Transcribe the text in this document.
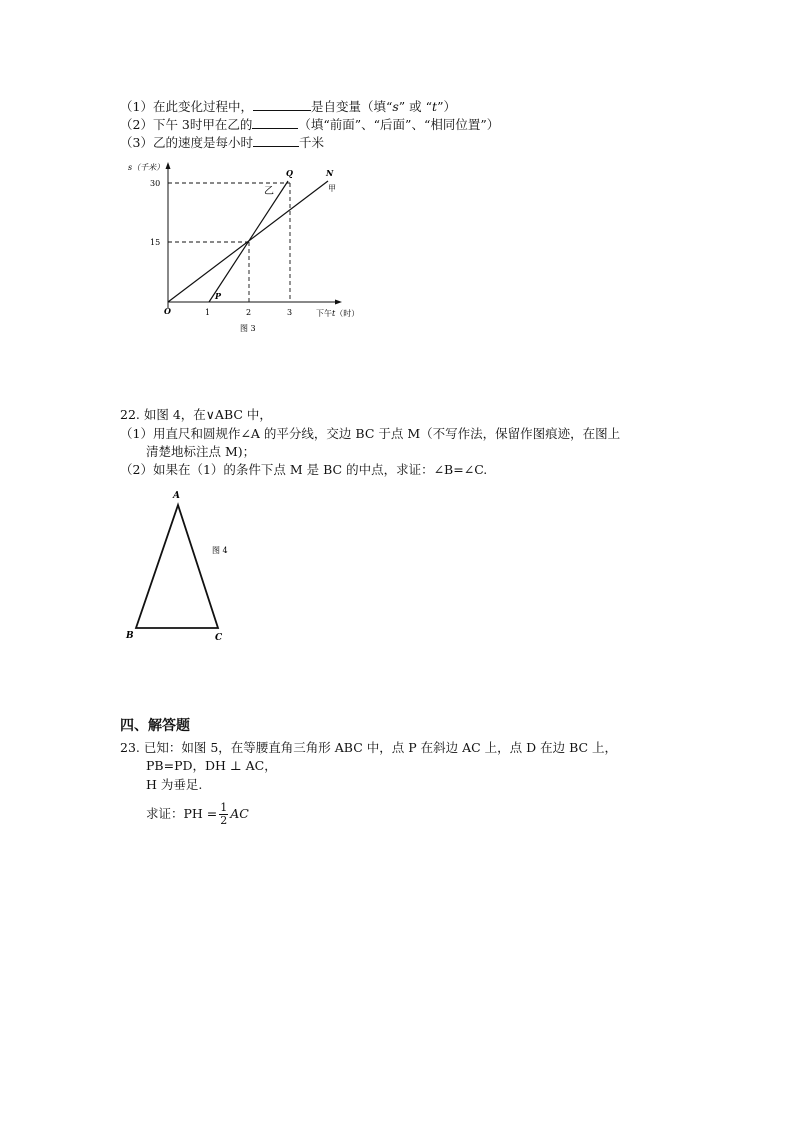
（1）在此变化过程中，	是自变量（填“s” 或 “t”）
（2）下午 3时甲在乙的	（填“前面”、“后面”、“相同位置”）
（3）乙的速度是每小时	千米
s（千米）
30
15
O	1	2	3	下午t（时）
P
Q	N
乙	甲
图 3
22. 如图 4，在∨ABC 中，
（1）用直尺和圆规作∠A 的平分线，交边 BC 于点 M（不写作法，保留作图痕迹，在图上
清楚地标注点 M)；
（2）如果在（1）的条件下点 M 是 BC 的中点，求证：∠B=∠C.
A
B	C
图 4
四、解答题
23. 已知：如图 5，在等腰直角三角形 ABC 中，点 P 在斜边 AC 上，点 D 在边 BC 上，
PB=PD，DH ⊥ AC，
H 为垂足.
求证：PH = $\frac{1}{2}$ AC
